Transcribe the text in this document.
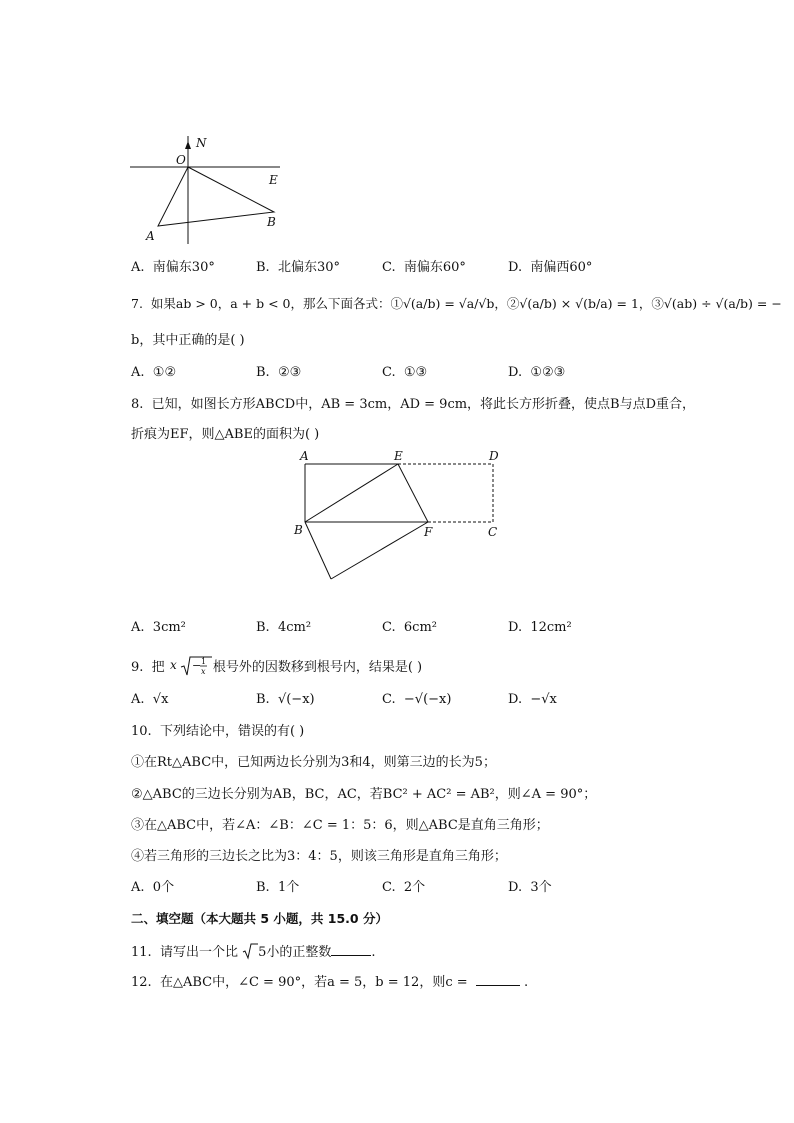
N
O
E
B
A
A. 南偏东30°	B. 北偏东30°	C. 南偏东60°	D. 南偏西60°
7. 如果ab > 0，a + b < 0，那么下面各式：①√(a/b) = √a/√b，②√(a/b) × √(b/a) = 1，③√(ab) ÷ √(a/b) = −
b，其中正确的是( )
A. ①②	B. ②③	C. ①③	D. ①②③
8. 已知，如图长方形ABCD中，AB = 3cm，AD = 9cm，将此长方形折叠，使点B与点D重合，
折痕为EF，则△ABE的面积为( )
A	E	D
B	F	C
A. 3cm²	B. 4cm²	C. 6cm²	D. 12cm²
9. 把 x − 1
x 根号外的因数移到根号内，结果是( )
A. √x	B. √(−x)	C. −√(−x)	D. −√x
10. 下列结论中，错误的有( )
①在Rt△ABC中，已知两边长分别为3和4，则第三边的长为5；
②△ABC的三边长分别为AB，BC，AC，若BC² + AC² = AB²，则∠A = 90°；
③在△ABC中，若∠A：∠B：∠C = 1：5：6，则△ABC是直角三角形；
④若三角形的三边长之比为3：4：5，则该三角形是直角三角形；
A. 0个	B. 1个	C. 2个	D. 3个
二、填空题（本大题共 5 小题，共 15.0 分）
11. 请写出一个比 5小的正整数	.
12. 在△ABC中，∠C = 90°，若a = 5，b = 12，则c =	.
